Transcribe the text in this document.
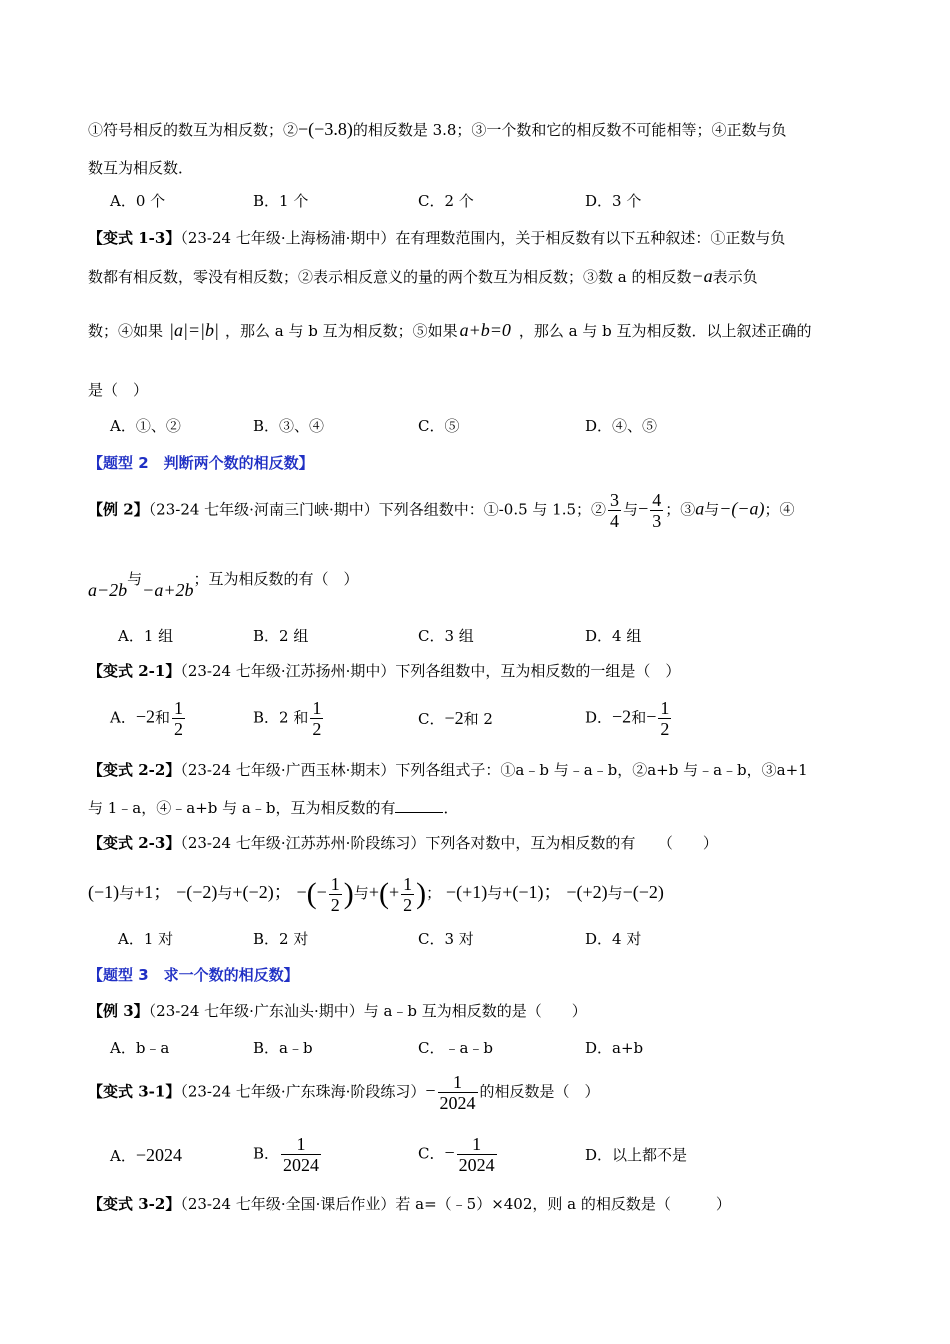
①符号相反的数互为相反数；②−(−3.8)的相反数是 3.8；③一个数和它的相反数不可能相等；④正数与负
数互为相反数．
A．0 个	B．1 个	C．2 个	D．3 个
【变式 1-3】（23-24 七年级·上海杨浦·期中）在有理数范围内，关于相反数有以下五种叙述：①正数与负
数都有相反数，零没有相反数；②表示相反意义的量的两个数互为相反数；③数 a 的相反数−a表示负
数；④如果 |a|=|b| ，那么 a 与 b 互为相反数；⑤如果 a+b=0 ，那么 a 与 b 互为相反数．以上叙述正确的
是（　）
A．①、②	B．③、④	C．⑤	D．④、⑤
【题型 2　判断两个数的相反数】
【例 2】（23-24 七年级·河南三门峡·期中）下列各组数中：①-0.5 与 1.5；② $\frac{3}{4}$ 与− $\frac{4}{3}$ ；③a与−(−a)；④
a−2b与−a+2b；互为相反数的有（　）
A．1 组	B．2 组	C．3 组	D．4 组
【变式 2-1】（23-24 七年级·江苏扬州·期中）下列各组数中，互为相反数的一组是（　）
A．−2和 $\frac{1}{2}$	B．2 和 $\frac{1}{2}$	C．−2和 2	D．−2和− $\frac{1}{2}$
【变式 2-2】（23-24 七年级·广西玉林·期末）下列各组式子：①a﹣b 与﹣a﹣b，②a+b 与﹣a﹣b，③a+1
与 1﹣a，④﹣a+b 与 a﹣b，互为相反数的有	．
【变式 2-3】（23-24 七年级·江苏苏州·阶段练习）下列各对数中，互为相反数的有　　（　　）
(−1)与+1； −(−2)与+(−2)； −(− $\frac{1}{2}$ )与+(+ $\frac{1}{2}$ )； −(+1)与+(−1)； −(+2)与−(−2)
A．1 对	B．2 对	C．3 对	D．4 对
【题型 3　求一个数的相反数】
【例 3】（23-24 七年级·广东汕头·期中）与 a﹣b 互为相反数的是（　　）
A．b﹣a	B．a﹣b	C．﹣a﹣b	D．a+b
【变式 3-1】（23-24 七年级·广东珠海·阶段练习）− $\frac{1}{2024}$ 的相反数是（　）
A．−2024	B． $\frac{1}{2024}$	C．− $\frac{1}{2024}$	D．以上都不是
【变式 3-2】（23-24 七年级·全国·课后作业）若 a=（﹣5）×402，则 a 的相反数是（　　　）
